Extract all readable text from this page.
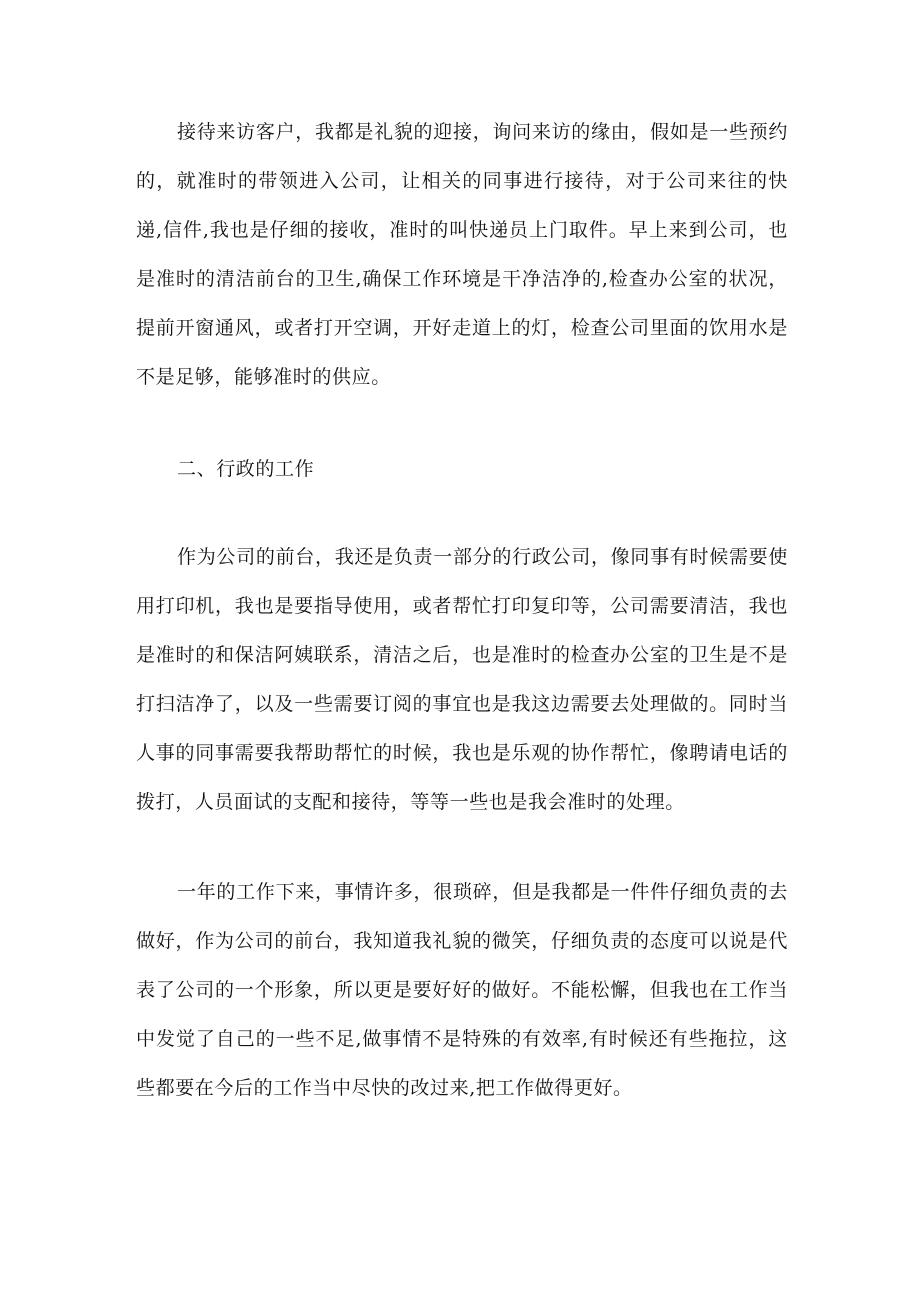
接待来访客户，我都是礼貌的迎接，询问来访的缘由，假如是一些预约的，就准时的带领进入公司，让相关的同事进行接待，对于公司来往的快递,信件,我也是仔细的接收，准时的叫快递员上门取件。早上来到公司，也是准时的清洁前台的卫生,确保工作环境是干净洁净的,检查办公室的状况，提前开窗通风，或者打开空调，开好走道上的灯，检查公司里面的饮用水是不是足够，能够准时的供应。

二、行政的工作

作为公司的前台，我还是负责一部分的行政公司，像同事有时候需要使用打印机，我也是要指导使用，或者帮忙打印复印等，公司需要清洁，我也是准时的和保洁阿姨联系，清洁之后，也是准时的检查办公室的卫生是不是打扫洁净了，以及一些需要订阅的事宜也是我这边需要去处理做的。同时当人事的同事需要我帮助帮忙的时候，我也是乐观的协作帮忙，像聘请电话的拨打，人员面试的支配和接待，等等一些也是我会准时的处理。

一年的工作下来，事情许多，很琐碎，但是我都是一件件仔细负责的去做好，作为公司的前台，我知道我礼貌的微笑，仔细负责的态度可以说是代表了公司的一个形象，所以更是要好好的做好。不能松懈，但我也在工作当中发觉了自己的一些不足,做事情不是特殊的有效率,有时候还有些拖拉，这些都要在今后的工作当中尽快的改过来,把工作做得更好。
